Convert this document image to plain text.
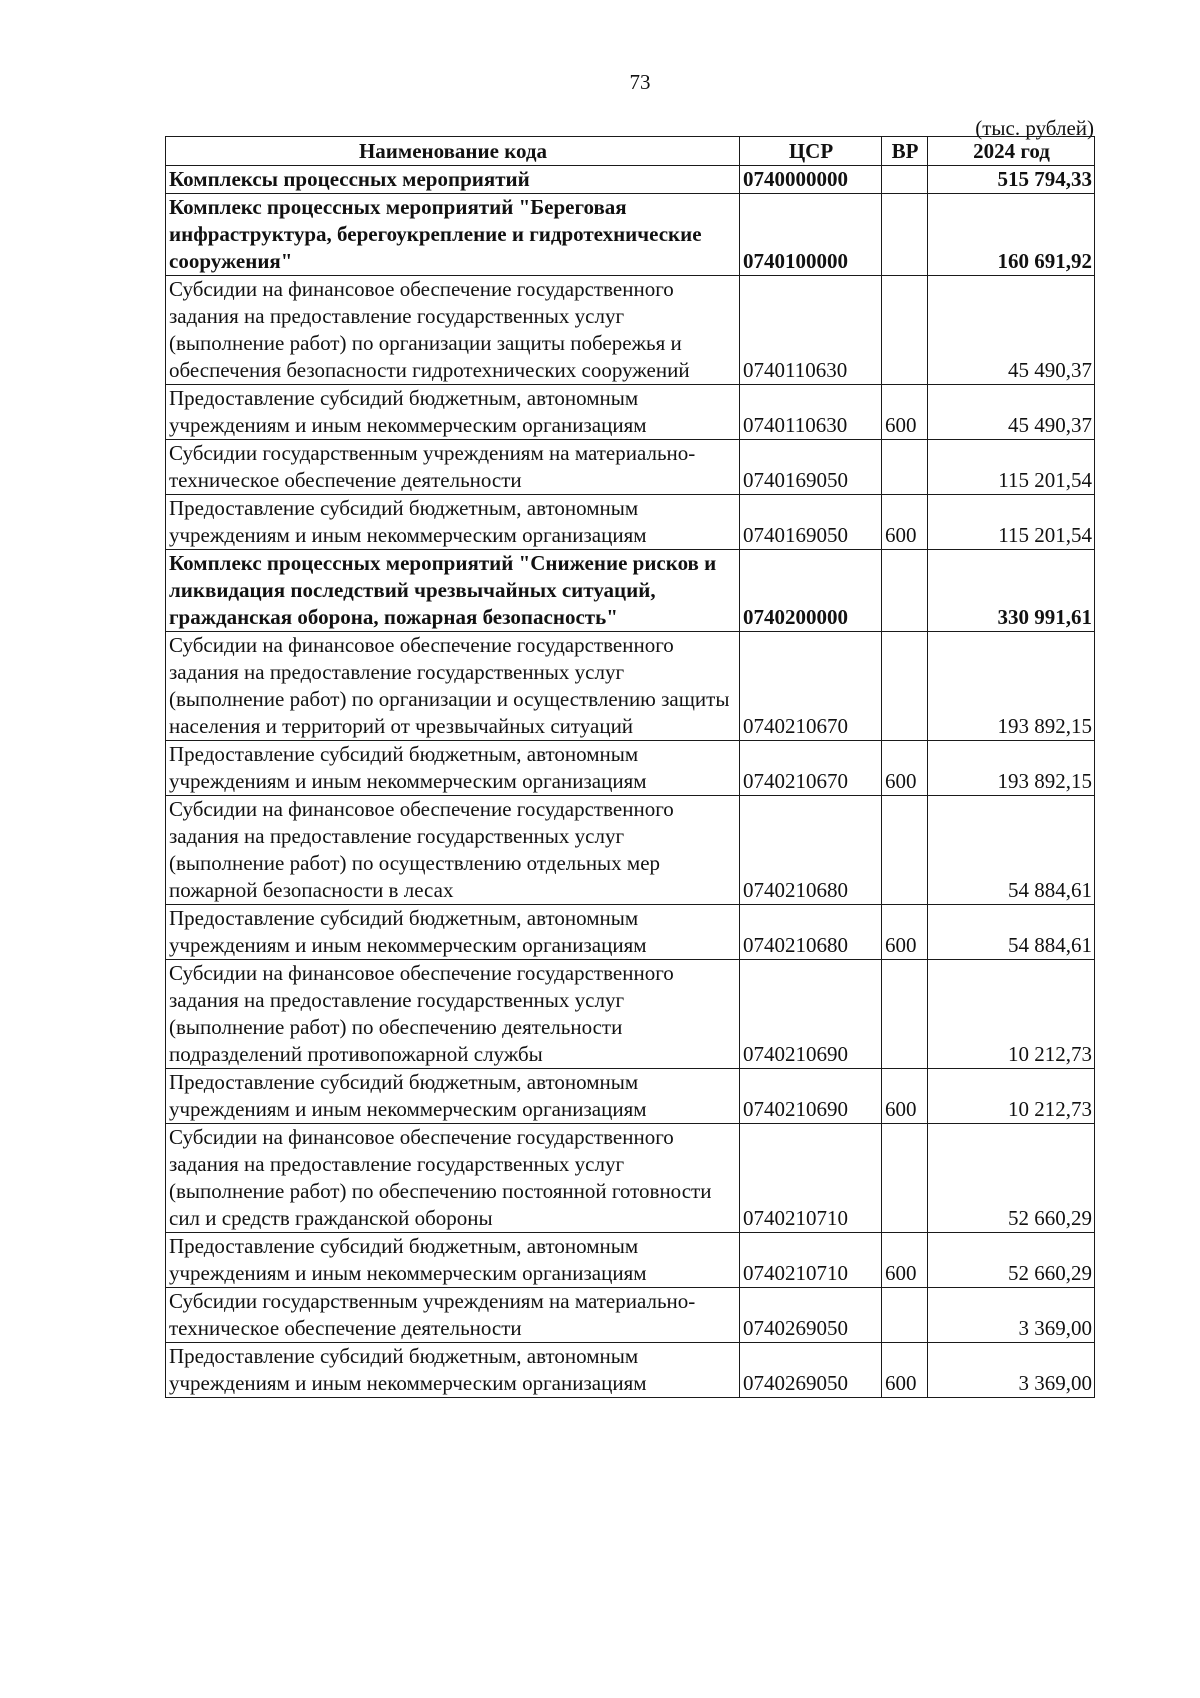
73
(тыс. рублей)
Наименование кода	ЦСР	ВР	2024 год
Комплексы процессных мероприятий	0740000000		515 794,33
Комплекс процессных мероприятий "Береговая инфраструктура, берегоукрепление и гидротехнические сооружения"	0740100000		160 691,92
Субсидии на финансовое обеспечение государственного задания на предоставление государственных услуг (выполнение работ) по организации защиты побережья и обеспечения безопасности гидротехнических сооружений	0740110630		45 490,37
Предоставление субсидий бюджетным, автономным учреждениям и иным некоммерческим организациям	0740110630	600	45 490,37
Субсидии государственным учреждениям на материально-техническое обеспечение деятельности	0740169050		115 201,54
Предоставление субсидий бюджетным, автономным учреждениям и иным некоммерческим организациям	0740169050	600	115 201,54
Комплекс процессных мероприятий "Снижение рисков и ликвидация последствий чрезвычайных ситуаций, гражданская оборона, пожарная безопасность"	0740200000		330 991,61
Субсидии на финансовое обеспечение государственного задания на предоставление государственных услуг (выполнение работ) по организации и осуществлению защиты населения и территорий от чрезвычайных ситуаций	0740210670		193 892,15
Предоставление субсидий бюджетным, автономным учреждениям и иным некоммерческим организациям	0740210670	600	193 892,15
Субсидии на финансовое обеспечение государственного задания на предоставление государственных услуг (выполнение работ) по осуществлению отдельных мер пожарной безопасности в лесах	0740210680		54 884,61
Предоставление субсидий бюджетным, автономным учреждениям и иным некоммерческим организациям	0740210680	600	54 884,61
Субсидии на финансовое обеспечение государственного задания на предоставление государственных услуг (выполнение работ) по обеспечению деятельности подразделений противопожарной службы	0740210690		10 212,73
Предоставление субсидий бюджетным, автономным учреждениям и иным некоммерческим организациям	0740210690	600	10 212,73
Субсидии на финансовое обеспечение государственного задания на предоставление государственных услуг (выполнение работ) по обеспечению постоянной готовности сил и средств гражданской обороны	0740210710		52 660,29
Предоставление субсидий бюджетным, автономным учреждениям и иным некоммерческим организациям	0740210710	600	52 660,29
Субсидии государственным учреждениям на материально-техническое обеспечение деятельности	0740269050		3 369,00
Предоставление субсидий бюджетным, автономным учреждениям и иным некоммерческим организациям	0740269050	600	3 369,00
